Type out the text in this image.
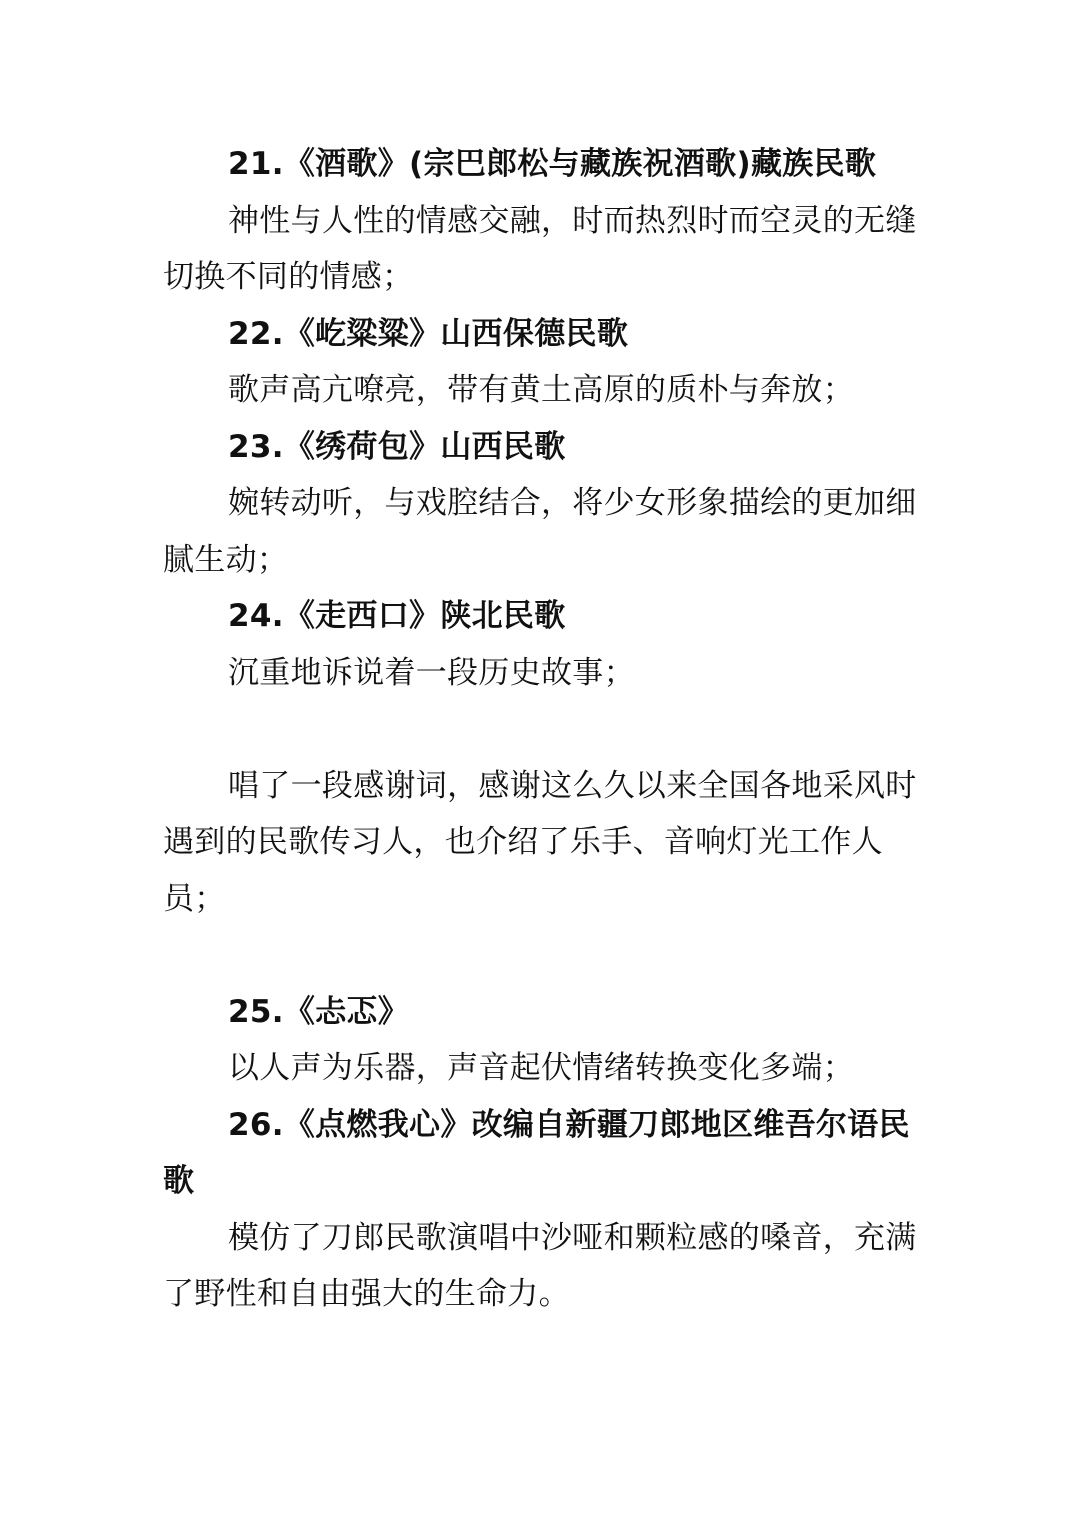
21.《酒歌》(宗巴郎松与藏族祝酒歌)藏族民歌

神性与人性的情感交融，时而热烈时而空灵的无缝切换不同的情感；

22.《屹粱粱》山西保德民歌

歌声高亢嘹亮，带有黄土高原的质朴与奔放；

23.《绣荷包》山西民歌

婉转动听，与戏腔结合，将少女形象描绘的更加细腻生动；

24.《走西口》陕北民歌

沉重地诉说着一段历史故事；

唱了一段感谢词，感谢这么久以来全国各地采风时遇到的民歌传习人，也介绍了乐手、音响灯光工作人员；

25.《忐忑》

以人声为乐器，声音起伏情绪转换变化多端；

26.《点燃我心》改编自新疆刀郎地区维吾尔语民歌

模仿了刀郎民歌演唱中沙哑和颗粒感的嗓音，充满了野性和自由强大的生命力。
